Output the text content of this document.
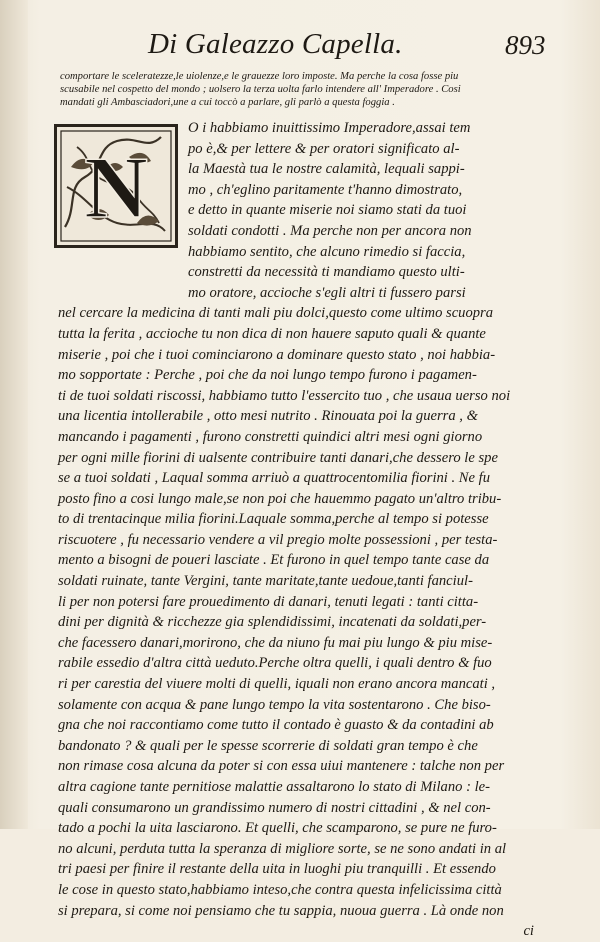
Di Galeazzo Capella.	893
comportare le sceleratezze,le uiolenze,e le grauezze loro imposte. Ma perche la cosa fosse piu
scusabile nel cospetto del mondo ; uolsero la terza uolta farlo intendere all' Imperadore . Cosi
mandati gli Ambasciadori,une a cui toccò a parlare, gli parlò a questa foggia .
N
O i habbiamo inuittissimo Imperadore,assai tem
po è,& per lettere & per oratori significato al-
la Maestà tua le nostre calamità, lequali sappi-
mo , ch'eglino paritamente t'hanno dimostrato,
e detto in quante miserie noi siamo stati da tuoi
soldati condotti . Ma perche non per ancora non
habbiamo sentito, che alcuno rimedio si faccia,
constretti da necessità ti mandiamo questo ulti-
mo oratore, accioche s'egli altri ti fussero parsi
nel cercare la medicina di tanti mali piu dolci,questo come ultimo scuopra
tutta la ferita , accioche tu non dica di non hauere saputo quali & quante
miserie , poi che i tuoi cominciarono a dominare questo stato , noi habbia-
mo sopportate : Perche , poi che da noi lungo tempo furono i pagamen-
ti de tuoi soldati riscossi, habbiamo tutto l'essercito tuo , che usaua uerso noi
una licentia intollerabile , otto mesi nutrito . Rinouata poi la guerra , &
mancando i pagamenti , furono constretti quindici altri mesi ogni giorno
per ogni mille fiorini di ualsente contribuire tanti danari,che dessero le spe
se a tuoi soldati , Laqual somma arriuò a quattrocentomilia fiorini . Ne fu
posto fino a cosi lungo male,se non poi che hauemmo pagato un'altro tribu-
to di trentacinque milia fiorini.Laquale somma,perche al tempo si potesse
riscuotere , fu necessario vendere a vil pregio molte possessioni , per testa-
mento a bisogni de poueri lasciate . Et furono in quel tempo tante case da
soldati ruinate, tante Vergini, tante maritate,tante uedoue,tanti fanciul-
li per non potersi fare prouedimento di danari, tenuti legati : tanti citta-
dini per dignità & ricchezze gia splendidissimi, incatenati da soldati,per-
che facessero danari,morirono, che da niuno fu mai piu lungo & piu mise-
rabile essedio d'altra città ueduto.Perche oltra quelli, i quali dentro & fuo
ri per carestia del viuere molti di quelli, iquali non erano ancora mancati ,
solamente con acqua & pane lungo tempo la vita sostentarono . Che biso-
gna che noi raccontiamo come tutto il contado è guasto & da contadini ab
bandonato ? & quali per le spesse scorrerie di soldati gran tempo è che
non rimase cosa alcuna da poter si con essa uiui mantenere : talche non per
altra cagione tante pernitiose malattie assaltarono lo stato di Milano : le-
quali consumarono un grandissimo numero di nostri cittadini , & nel con-
tado a pochi la uita lasciarono. Et quelli, che scamparono, se pure ne furo-
no alcuni, perduta tutta la speranza di migliore sorte, se ne sono andati in al
tri paesi per finire il restante della uita in luoghi piu tranquilli . Et essendo
le cose in questo stato,habbiamo inteso,che contra questa infelicissima città
si prepara, si come noi pensiamo che tu sappia, nuoua guerra . Là onde non
ci
